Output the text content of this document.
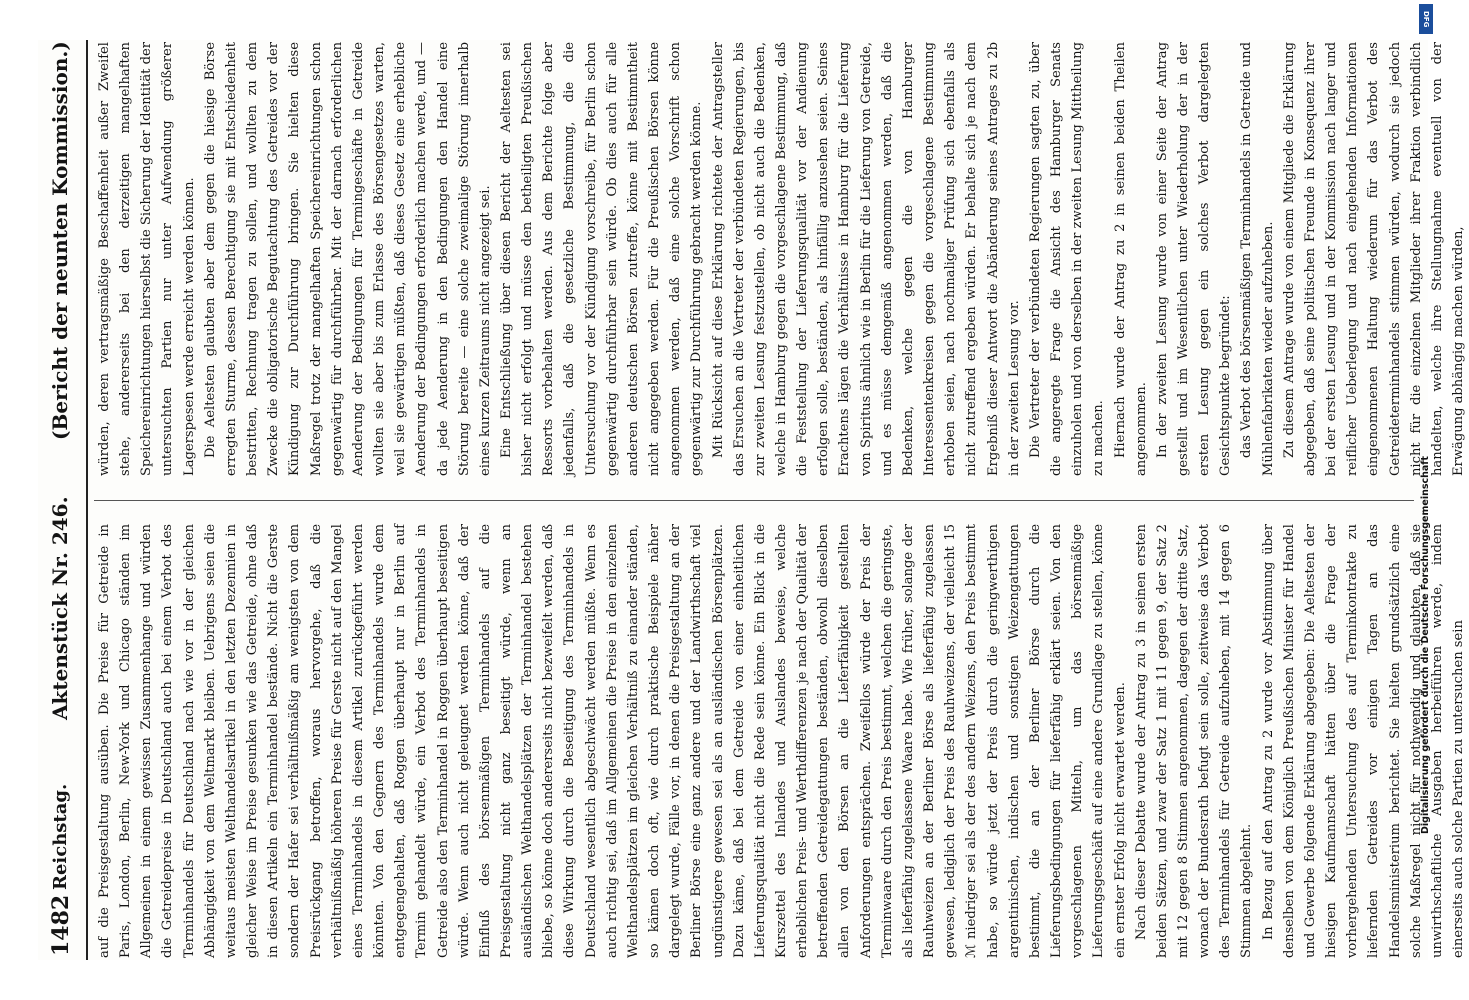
1482
Reichstag.
Aktenstück Nr. 246.
(Bericht der neunten Kommission.)

auf die Preisgestaltung ausüben. Die Preise für Getreide in Paris, London, Berlin, New-York und Chicago ständen im Allgemeinen in einem gewissen Zusammenhange und würden die Getreidepreise in Deutschland auch bei einem Verbot des Terminhandels für Deutschland nach wie vor in der gleichen Abhängigkeit von dem Weltmarkt bleiben. Uebrigens seien die weitaus meisten Welthandelsartikel in den letzten Dezennien in gleicher Weise im Preise gesunken wie das Getreide, ohne daß in diesen Artikeln ein Terminhandel bestände. Nicht die Gerste sondern der Hafer sei verhältnißmäßig am wenigsten von dem Preisrückgang betroffen, woraus hervorgehe, daß die verhältnißmäßig höheren Preise für Gerste nicht auf den Mangel eines Terminhandels in diesem Artikel zurückgeführt werden könnten. Von den Gegnern des Terminhandels wurde dem entgegengehalten, daß Roggen überhaupt nur in Berlin auf Termin gehandelt würde, ein Verbot des Terminhandels in Getreide also den Terminhandel in Roggen überhaupt beseitigen würde. Wenn auch nicht geleugnet werden könne, daß der Einfluß des börsenmäßigen Terminhandels auf die Preisgestaltung nicht ganz beseitigt würde, wenn an ausländischen Welthandelsplätzen der Terminhandel bestehen bliebe, so könne doch andererseits nicht bezweifelt werden, daß diese Wirkung durch die Beseitigung des Terminhandels in Deutschland wesentlich abgeschwächt werden müßte. Wenn es auch richtig sei, daß im Allgemeinen die Preise in den einzelnen Welthandelsplätzen im gleichen Verhältniß zu einander ständen, so kämen doch oft, wie durch praktische Beispiele näher dargelegt wurde, Fälle vor, in denen die Preisgestaltung an der Berliner Börse eine ganz andere und der Landwirthschaft viel ungünstigere gewesen sei als an ausländischen Börsenplätzen. Dazu käme, daß bei dem Getreide von einer einheitlichen Lieferungsqualität nicht die Rede sein könne. Ein Blick in die Kurszettel des Inlandes und Auslandes beweise, welche erheblichen Preis- und Werthdifferenzen je nach der Qualität der betreffenden Getreidegattungen beständen, obwohl dieselben allen von den Börsen an die Lieferfähigkeit gestellten Anforderungen entsprächen. Zweifellos würde der Preis der Terminwaare durch den Preis bestimmt, welchen die geringste, als lieferfähig zugelassene Waare habe. Wie früher, solange der Rauhweizen an der Berliner Börse als lieferfähig zugelassen gewesen, lediglich der Preis des Rauhweizens, der vielleicht 15 ℳ niedriger sei als der des andern Weizens, den Preis bestimmt habe, so würde jetzt der Preis durch die geringwerthigen argentinischen, indischen und sonstigen Weizengattungen bestimmt, die an der Berliner Börse durch die Lieferungsbedingungen für lieferfähig erklärt seien. Von den vorgeschlagenen Mitteln, um das börsenmäßige Lieferungsgeschäft auf eine andere Grundlage zu stellen, könne ein ernster Erfolg nicht erwartet werden. Nach dieser Debatte wurde der Antrag zu 3 in seinen ersten beiden Sätzen, und zwar der Satz 1 mit 11 gegen 9, der Satz 2 mit 12 gegen 8 Stimmen angenommen, dagegen der dritte Satz, wonach der Bundesrath befugt sein solle, zeitweise das Verbot des Terminhandels für Getreide aufzuheben, mit 14 gegen 6 Stimmen abgelehnt. In Bezug auf den Antrag zu 2 wurde vor Abstimmung über denselben von dem Königlich Preußischen Minister für Handel und Gewerbe folgende Erklärung abgegeben: Die Aeltesten der hiesigen Kaufmannschaft hätten über die Frage der vorhergehenden Untersuchung des auf Terminkontrakte zu liefernden Getreides vor einigen Tagen an das Handelsministerium berichtet. Sie hielten grundsätzlich eine solche Maßregel nicht für nothwendig und glaubten, daß sie unwirthschaftliche Ausgaben herbeiführen werde, indem einerseits auch solche Partien zu untersuchen sein

würden, deren vertragsmäßige Beschaffenheit außer Zweifel stehe, andererseits bei den derzeitigen mangelhaften Speichereinrichtungen hierselbst die Sicherung der Identität der untersuchten Partien nur unter Aufwendung größerer Lagerspesen werde erreicht werden können. Die Aeltesten glaubten aber dem gegen die hiesige Börse erregten Sturme, dessen Berechtigung sie mit Entschiedenheit bestritten, Rechnung tragen zu sollen, und wollten zu dem Zwecke die obligatorische Begutachtung des Getreides vor der Kündigung zur Durchführung bringen. Sie hielten diese Maßregel trotz der mangelhaften Speichereinrichtungen schon gegenwärtig für durchführbar. Mit der darnach erforderlichen Aenderung der Bedingungen für Termingeschäfte in Getreide wollten sie aber bis zum Erlasse des Börsengesetzes warten, weil sie gewärtigen müßten, daß dieses Gesetz eine erhebliche Aenderung der Bedingungen erforderlich machen werde, und — da jede Aenderung in den Bedingungen den Handel eine Störung bereite — eine solche zweimalige Störung innerhalb eines kurzen Zeitraums nicht angezeigt sei. Eine Entschließung über diesen Bericht der Aeltesten sei bisher nicht erfolgt und müsse den betheiligten Preußischen Ressorts vorbehalten werden. Aus dem Berichte folge aber jedenfalls, daß die gesetzliche Bestimmung, die die Untersuchung vor der Kündigung vorschreibe, für Berlin schon gegenwärtig durchführbar sein würde. Ob dies auch für alle anderen deutschen Börsen zutreffe, könne mit Bestimmtheit nicht angegeben werden. Für die Preußischen Börsen könne angenommen werden, daß eine solche Vorschrift schon gegenwärtig zur Durchführung gebracht werden könne. Mit Rücksicht auf diese Erklärung richtete der Antragsteller das Ersuchen an die Vertreter der verbündeten Regierungen, bis zur zweiten Lesung festzustellen, ob nicht auch die Bedenken, welche in Hamburg gegen die vorgeschlagene Bestimmung, daß die Feststellung der Lieferungsqualität vor der Andienung erfolgen solle, beständen, als hinfällig anzusehen seien. Seines Erachtens lägen die Verhältnisse in Hamburg für die Lieferung von Spiritus ähnlich wie in Berlin für die Lieferung von Getreide, und es müsse demgemäß angenommen werden, daß die Bedenken, welche gegen die von Hamburger Interessentenkreisen gegen die vorgeschlagene Bestimmung erhoben seien, nach nochmaliger Prüfung sich ebenfalls als nicht zutreffend ergeben würden. Er behalte sich je nach dem Ergebniß dieser Antwort die Abänderung seines Antrages zu 2b in der zweiten Lesung vor. Die Vertreter der verbündeten Regierungen sagten zu, über die angeregte Frage die Ansicht des Hamburger Senats einzuholen und von derselben in der zweiten Lesung Mittheilung zu machen. Hiernach wurde der Antrag zu 2 in seinen beiden Theilen angenommen. In der zweiten Lesung wurde von einer Seite der Antrag gestellt und im Wesentlichen unter Wiederholung der in der ersten Lesung gegen ein solches Verbot dargelegten Gesichtspunkte begründet: das Verbot des börsenmäßigen Terminhandels in Getreide und Mühlenfabrikaten wieder aufzuheben. Zu diesem Antrage wurde von einem Mitgliede die Erklärung abgegeben, daß seine politischen Freunde in Konsequenz ihrer bei der ersten Lesung und in der Kommission nach langer und reiflicher Ueberlegung und nach eingehenden Informationen eingenommenen Haltung wiederum für das Verbot des Getreideterminhandels stimmen würden, wodurch sie jedoch nicht für die einzelnen Mitglieder ihrer Fraktion verbindlich handelten, welche ihre Stellungnahme eventuell von der Erwägung abhängig machen würden,

DFG
Digitalisierung gefördert durch die Deutsche Forschungsgemeinschaft
